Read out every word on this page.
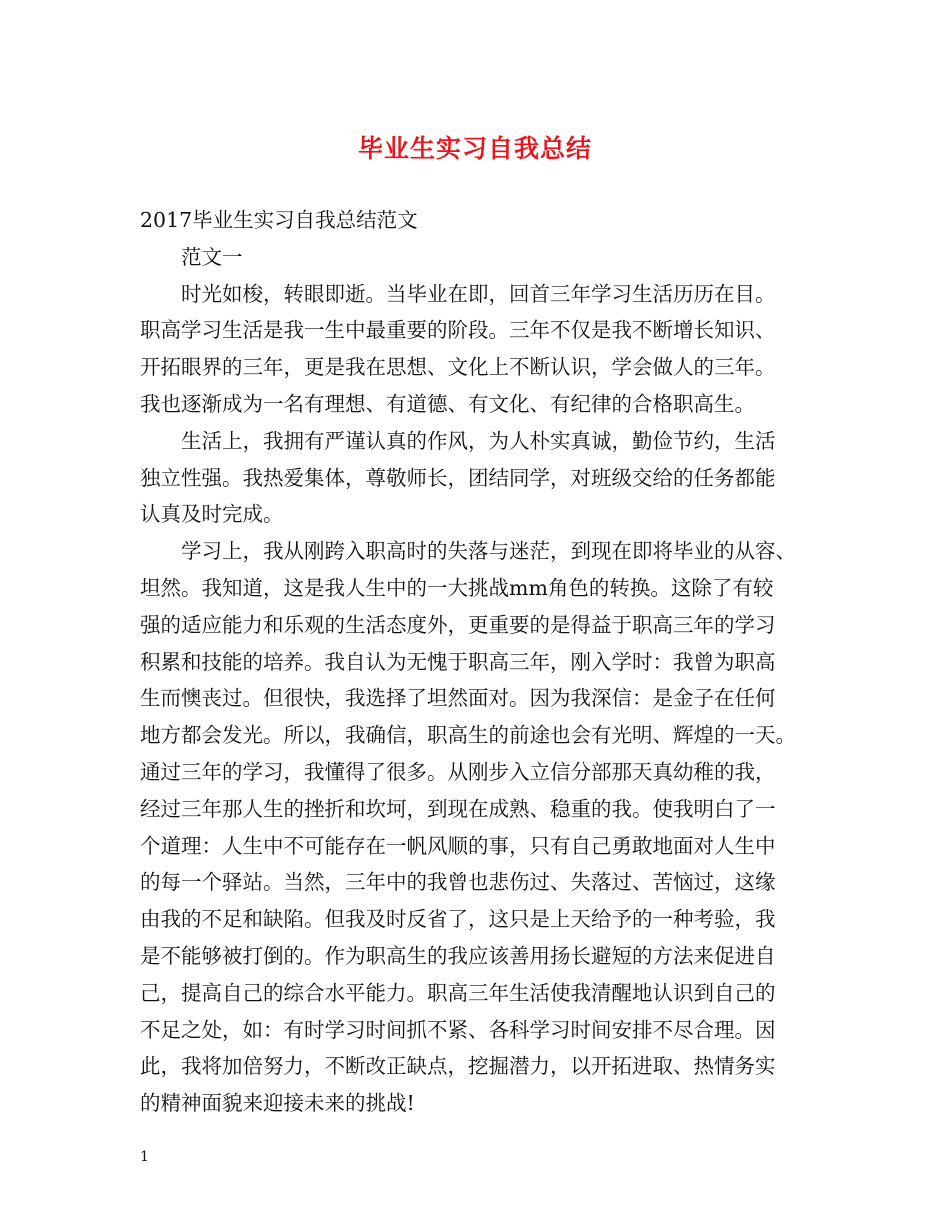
毕业生实习自我总结
2017毕业生实习自我总结范文
范文一
时光如梭，转眼即逝。当毕业在即，回首三年学习生活历历在目。
职高学习生活是我一生中最重要的阶段。三年不仅是我不断增长知识、
开拓眼界的三年，更是我在思想、文化上不断认识，学会做人的三年。
我也逐渐成为一名有理想、有道德、有文化、有纪律的合格职高生。
生活上，我拥有严谨认真的作风，为人朴实真诚，勤俭节约，生活
独立性强。我热爱集体，尊敬师长，团结同学，对班级交给的任务都能
认真及时完成。
学习上，我从刚跨入职高时的失落与迷茫，到现在即将毕业的从容、
坦然。我知道，这是我人生中的一大挑战mm角色的转换。这除了有较
强的适应能力和乐观的生活态度外，更重要的是得益于职高三年的学习
积累和技能的培养。我自认为无愧于职高三年，刚入学时：我曾为职高
生而懊丧过。但很快，我选择了坦然面对。因为我深信：是金子在任何
地方都会发光。所以，我确信，职高生的前途也会有光明、辉煌的一天。
通过三年的学习，我懂得了很多。从刚步入立信分部那天真幼稚的我，
经过三年那人生的挫折和坎坷，到现在成熟、稳重的我。使我明白了一
个道理：人生中不可能存在一帆风顺的事，只有自己勇敢地面对人生中
的每一个驿站。当然，三年中的我曾也悲伤过、失落过、苦恼过，这缘
由我的不足和缺陷。但我及时反省了，这只是上天给予的一种考验，我
是不能够被打倒的。作为职高生的我应该善用扬长避短的方法来促进自
己，提高自己的综合水平能力。职高三年生活使我清醒地认识到自己的
不足之处，如：有时学习时间抓不紧、各科学习时间安排不尽合理。因
此，我将加倍努力，不断改正缺点，挖掘潜力，以开拓进取、热情务实
的精神面貌来迎接未来的挑战!
1
